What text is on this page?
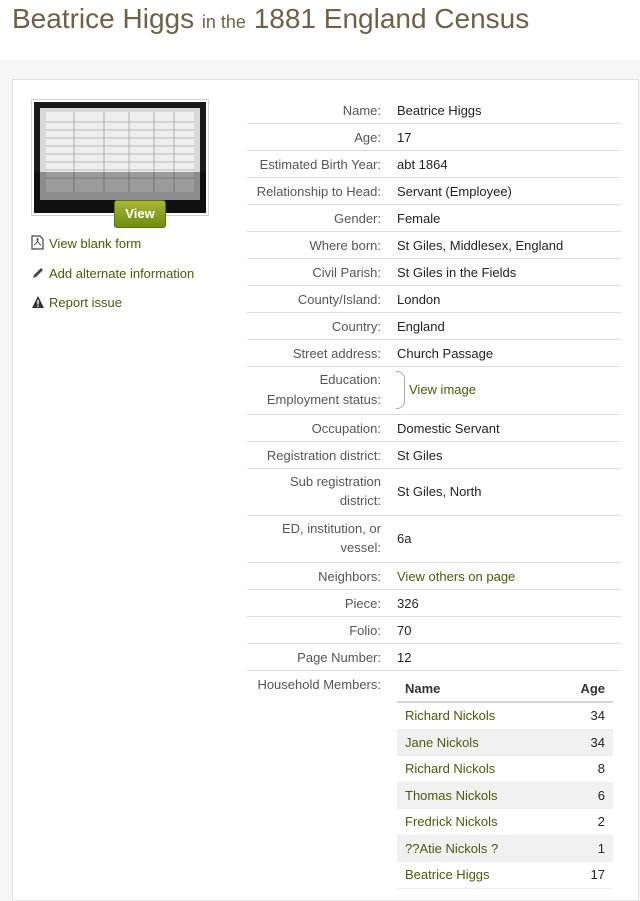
Beatrice Higgs in the 1881 England Census
View
View blank form
Add alternate information
Report issue
Name: Beatrice Higgs
Age: 17
Estimated Birth Year: abt 1864
Relationship to Head: Servant (Employee)
Gender: Female
Where born: St Giles, Middlesex, England
Civil Parish: St Giles in the Fields
County/Island: London
Country: England
Street address: Church Passage
Education:
Employment status:
View image
Occupation: Domestic Servant
Registration district: St Giles
Sub registration
district:
St Giles, North
ED, institution, or
vessel:
6a
Neighbors: View others on page
Piece: 326
Folio: 70
Page Number: 12
Household Members: Name	Age
Richard Nickols	34
Jane Nickols	34
Richard Nickols	8
Thomas Nickols	6
Fredrick Nickols	2
??Atie Nickols ?	1
Beatrice Higgs	17
